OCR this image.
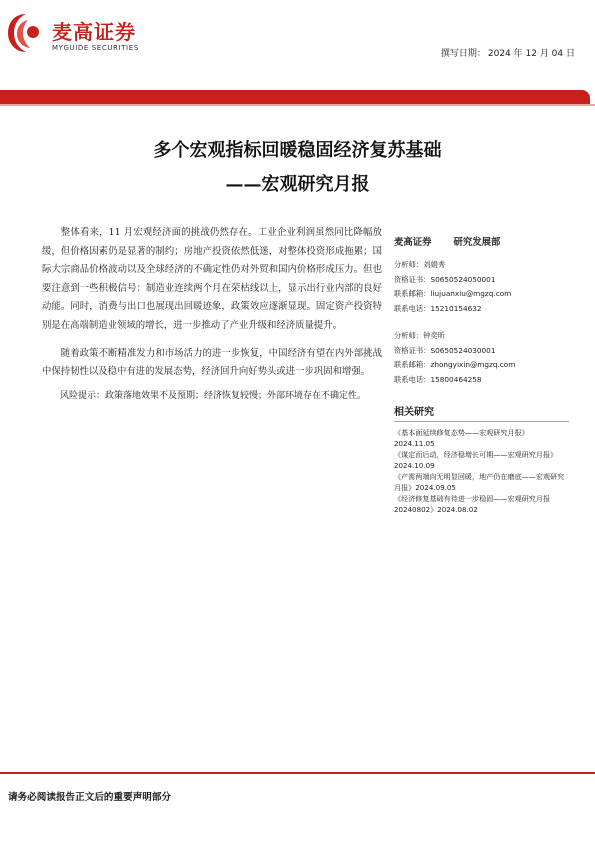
麦高证券
MYGUIDE SECURITIES
撰写日期： 2024 年 12 月 04 日
多个宏观指标回暖稳固经济复苏基础
——宏观研究月报

整体看来，11 月宏观经济面的挑战仍然存在。工业企业利润虽然同比降幅放缓，但价格因素仍是显著的制约；房地产投资依然低迷，对整体投资形成拖累；国际大宗商品价格波动以及全球经济的不确定性仍对外贸和国内价格形成压力。但也要注意到一些积极信号：制造业连续两个月在荣枯线以上，显示出行业内部的良好动能。同时，消费与出口也展现出回暖迹象，政策效应逐渐显现。固定资产投资特别是在高端制造业领域的增长，进一步推动了产业升级和经济质量提升。

随着政策不断精准发力和市场活力的进一步恢复，中国经济有望在内外部挑战中保持韧性以及稳中有进的发展态势，经济回升向好势头或进一步巩固和增强。

风险提示：政策落地效果不及预期；经济恢复较慢；外部环境存在不确定性。

麦高证券 研究发展部
分析师：刘娟秀
资格证书：S0650524050001
联系邮箱：liujuanxiu@mgzq.com
联系电话：15210154632
分析师：钟奕昕
资格证书：S0650524030001
联系邮箱：zhongyixin@mgzq.com
联系电话：15800464258
相关研究
《基本面延续修复态势——宏观研究月报》2024.11.05
《谋定而后动，经济稳增长可期——宏观研究月报》2024.10.09
《产需两端向无明显回暖，地产仍在磨底——宏观研究月报》2024.09.05
《经济修复基础有待进一步稳固——宏观研究月报 20240802》2024.08.02
请务必阅读报告正文后的重要声明部分
